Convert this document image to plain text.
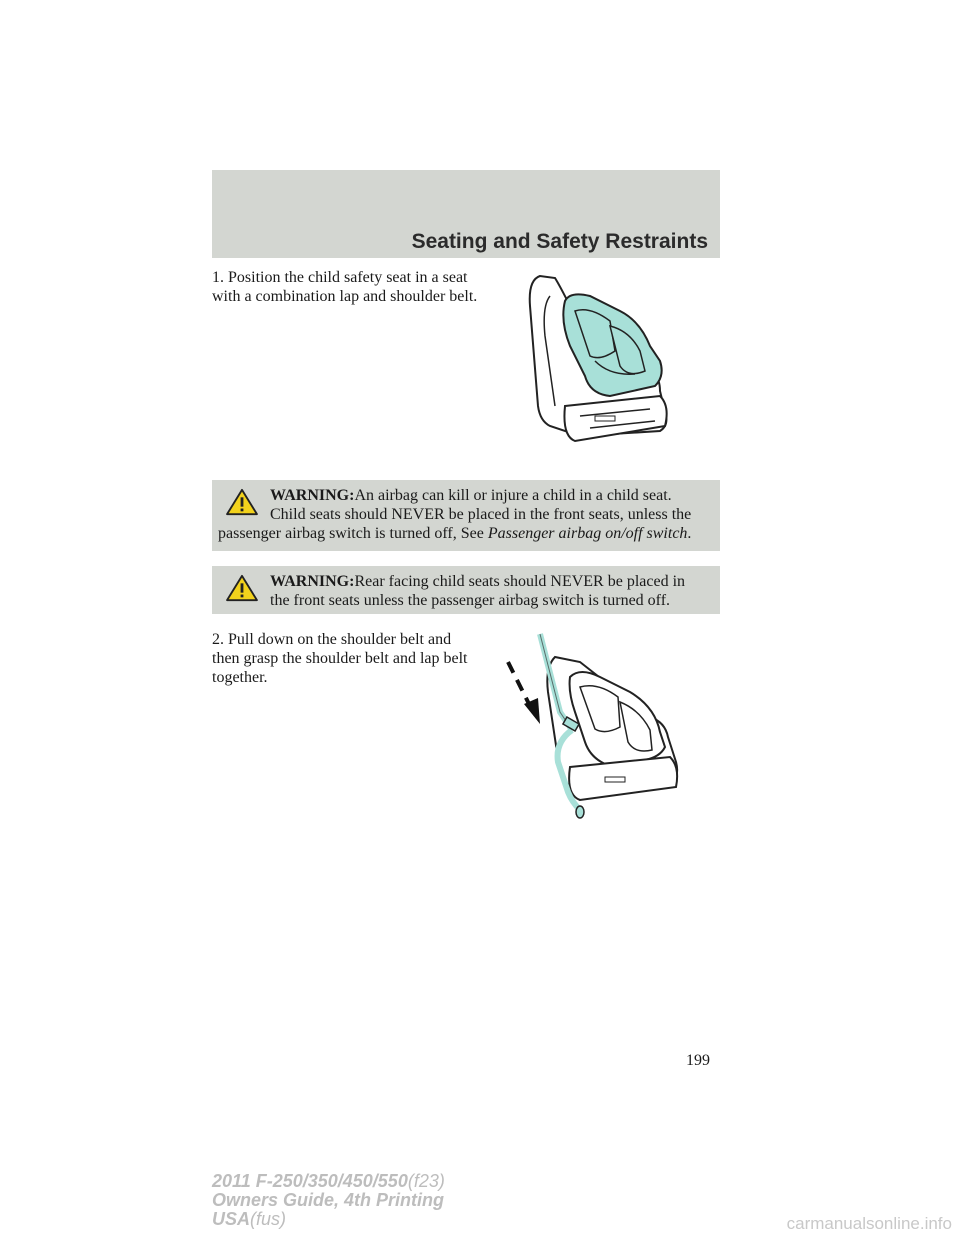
Seating and Safety Restraints
1. Position the child safety seat in a seat with a combination lap and shoulder belt.
WARNING:An airbag can kill or injure a child in a child seat. Child seats should NEVER be placed in the front seats, unless the passenger airbag switch is turned off, See Passenger airbag on/off switch.
WARNING:Rear facing child seats should NEVER be placed in the front seats unless the passenger airbag switch is turned off.
2. Pull down on the shoulder belt and then grasp the shoulder belt and lap belt together.
199
2011 F-250/350/450/550(f23)
Owners Guide, 4th Printing
USA(fus)	carmanualsonline.info
